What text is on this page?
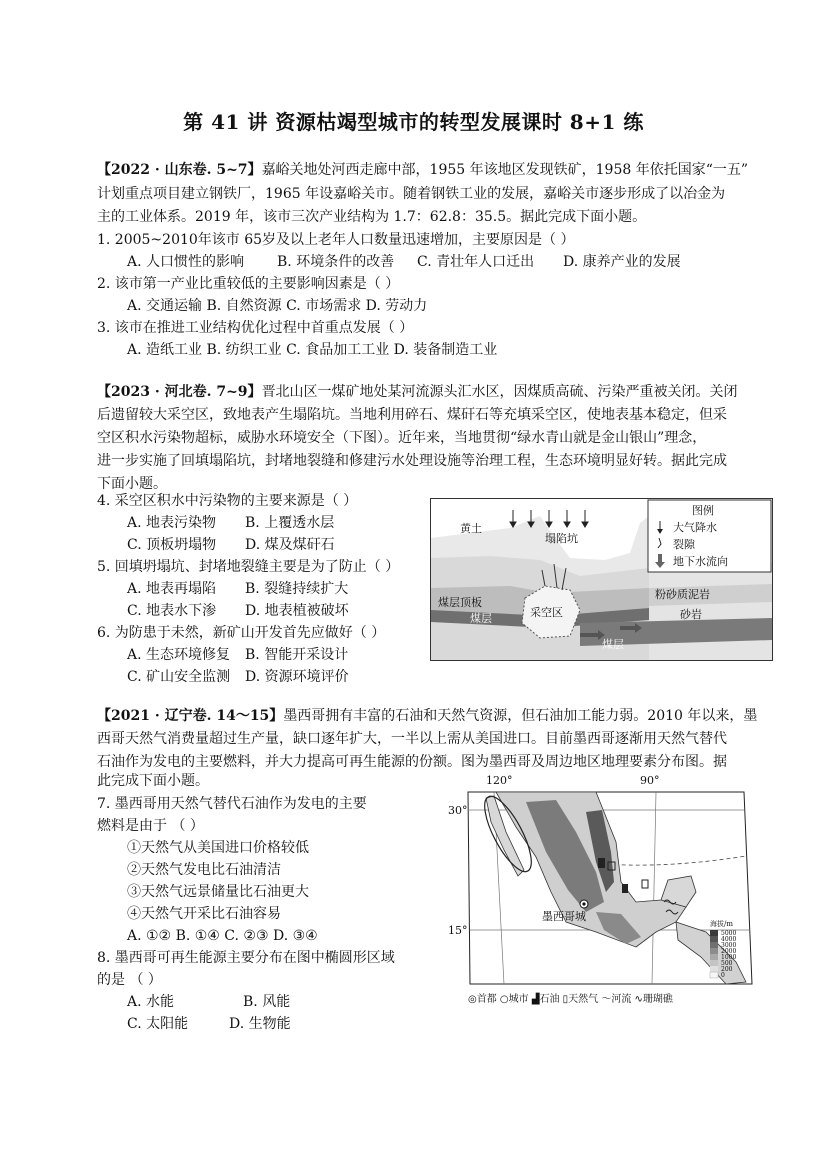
第 41 讲 资源枯竭型城市的转型发展课时 8+1 练
【2022 · 山东卷. 5~7】嘉峪关地处河西走廊中部，1955 年该地区发现铁矿，1958 年依托国家“一五”
计划重点项目建立钢铁厂，1965 年设嘉峪关市。随着钢铁工业的发展，嘉峪关市逐步形成了以冶金为
主的工业体系。2019 年，该市三次产业结构为 1.7：62.8：35.5。据此完成下面小题。
1. 2005~2010年该市 65岁及以上老年人口数量迅速增加，主要原因是（ ）
A. 人口惯性的影响 B. 环境条件的改善 C. 青壮年人口迁出 D. 康养产业的发展
2. 该市第一产业比重较低的主要影响因素是（ ）
A. 交通运输 B. 自然资源 C. 市场需求 D. 劳动力
3. 该市在推进工业结构优化过程中首重点发展（ ）
A. 造纸工业 B. 纺织工业 C. 食品加工工业 D. 装备制造工业
【2023 · 河北卷. 7~9】晋北山区一煤矿地处某河流源头汇水区，因煤质高硫、污染严重被关闭。关闭
后遗留较大采空区，致地表产生塌陷坑。当地利用碎石、煤矸石等充填采空区，使地表基本稳定，但采
空区积水污染物超标，威胁水环境安全（下图）。近年来，当地贯彻“绿水青山就是金山银山”理念，
进一步实施了回填塌陷坑，封堵地裂缝和修建污水处理设施等治理工程，生态环境明显好转。据此完成
下面小题。
4. 采空区积水中污染物的主要来源是（ ）
A. 地表污染物 B. 上覆透水层
C. 顶板坍塌物 D. 煤及煤矸石
5. 回填坍塌坑、封堵地裂缝主要是为了防止（ ）
A. 地表再塌陷 B. 裂缝持续扩大
C. 地表水下渗 D. 地表植被破坏
6. 为防患于未然，新矿山开发首先应做好（ ）
A. 生态环境修复 B. 智能开采设计
C. 矿山安全监测 D. 资源环境评价
黄土
塌陷坑
煤层顶板
煤层	采空区
粉砂质泥岩
砂岩
煤层
图例
大气降水
裂隙
地下水流向
【2021 · 辽宁卷. 14～15】墨西哥拥有丰富的石油和天然气资源，但石油加工能力弱。2010 年以来，墨
西哥天然气消费量超过生产量，缺口逐年扩大，一半以上需从美国进口。目前墨西哥逐渐用天然气替代
石油作为发电的主要燃料，并大力提高可再生能源的份额。图为墨西哥及周边地区地理要素分布图。据
此完成下面小题。
7. 墨西哥用天然气替代石油作为发电的主要
燃料是由于 （ ）
①天然气从美国进口价格较低
②天然气发电比石油清洁
③天然气远景储量比石油更大
④天然气开采比石油容易
A. ①② B. ①④ C. ②③ D. ③④
8. 墨西哥可再生能源主要分布在图中椭圆形区域
的是 （ ）
A. 水能	B. 风能
C. 太阳能	D. 生物能
120°	90°
30°
15°
墨西哥城
海拔/m
5000
4000
3000
2000
1000
500
200
0
◎首都 ○城市 ▟石油 ▯天然气 〜河流 ∿珊瑚礁
